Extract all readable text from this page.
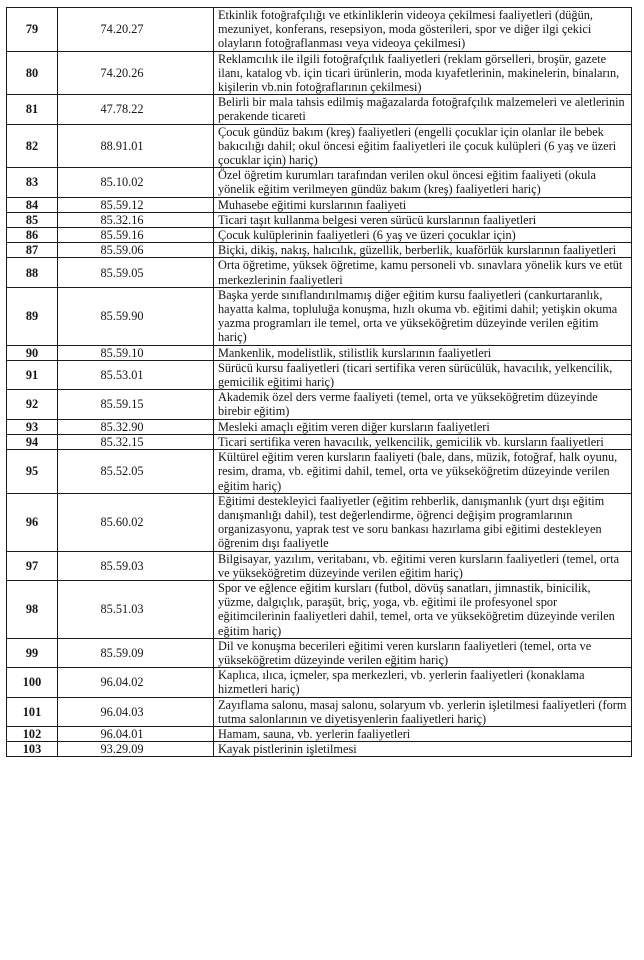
79	74.20.27	Etkinlik fotoğrafçılığı ve etkinliklerin videoya çekilmesi faaliyetleri (düğün, mezuniyet, konferans, resepsiyon, moda gösterileri, spor ve diğer ilgi çekici olayların fotoğraflanması veya videoya çekilmesi)
80	74.20.26	Reklamcılık ile ilgili fotoğrafçılık faaliyetleri (reklam görselleri, broşür, gazete ilanı, katalog vb. için ticari ürünlerin, moda kıyafetlerinin, makinelerin, binaların, kişilerin vb.nin fotoğraflarının çekilmesi)
81	47.78.22	Belirli bir mala tahsis edilmiş mağazalarda fotoğrafçılık malzemeleri ve aletlerinin perakende ticareti
82	88.91.01	Çocuk gündüz bakım (kreş) faaliyetleri (engelli çocuklar için olanlar ile bebek bakıcılığı dahil; okul öncesi eğitim faaliyetleri ile çocuk kulüpleri (6 yaş ve üzeri çocuklar için) hariç)
83	85.10.02	Özel öğretim kurumları tarafından verilen okul öncesi eğitim faaliyeti (okula yönelik eğitim verilmeyen gündüz bakım (kreş) faaliyetleri hariç)
84	85.59.12	Muhasebe eğitimi kurslarının faaliyeti
85	85.32.16	Ticari taşıt kullanma belgesi veren sürücü kurslarının faaliyetleri
86	85.59.16	Çocuk kulüplerinin faaliyetleri (6 yaş ve üzeri çocuklar için)
87	85.59.06	Biçki, dikiş, nakış, halıcılık, güzellik, berberlik, kuaförlük kurslarının faaliyetleri
88	85.59.05	Orta öğretime, yüksek öğretime, kamu personeli vb. sınavlara yönelik kurs ve etüt merkezlerinin faaliyetleri
89	85.59.90	Başka yerde sınıflandırılmamış diğer eğitim kursu faaliyetleri (cankurtaranlık, hayatta kalma, topluluğa konuşma, hızlı okuma vb. eğitimi dahil; yetişkin okuma yazma programları ile temel, orta ve yükseköğretim düzeyinde verilen eğitim hariç)
90	85.59.10	Mankenlik, modelistlik, stilistlik kurslarının faaliyetleri
91	85.53.01	Sürücü kursu faaliyetleri (ticari sertifika veren sürücülük, havacılık, yelkencilik, gemicilik eğitimi hariç)
92	85.59.15	Akademik özel ders verme faaliyeti (temel, orta ve yükseköğretim düzeyinde birebir eğitim)
93	85.32.90	Mesleki amaçlı eğitim veren diğer kursların faaliyetleri
94	85.32.15	Ticari sertifika veren havacılık, yelkencilik, gemicilik vb. kursların faaliyetleri
95	85.52.05	Kültürel eğitim veren kursların faaliyeti (bale, dans, müzik, fotoğraf, halk oyunu, resim, drama, vb. eğitimi dahil, temel, orta ve yükseköğretim düzeyinde verilen eğitim hariç)
96	85.60.02	Eğitimi destekleyici faaliyetler (eğitim rehberlik, danışmanlık (yurt dışı eğitim danışmanlığı dahil), test değerlendirme, öğrenci değişim programlarının organizasyonu, yaprak test ve soru bankası hazırlama gibi eğitimi destekleyen öğrenim dışı faaliyetle
97	85.59.03	Bilgisayar, yazılım, veritabanı, vb. eğitimi veren kursların faaliyetleri (temel, orta ve yükseköğretim düzeyinde verilen eğitim hariç)
98	85.51.03	Spor ve eğlence eğitim kursları (futbol, dövüş sanatları, jimnastik, binicilik, yüzme, dalgıçlık, paraşüt, briç, yoga, vb. eğitimi ile profesyonel spor eğitimcilerinin faaliyetleri dahil, temel, orta ve yükseköğretim düzeyinde verilen eğitim hariç)
99	85.59.09	Dil ve konuşma becerileri eğitimi veren kursların faaliyetleri (temel, orta ve yükseköğretim düzeyinde verilen eğitim hariç)
100	96.04.02	Kaplıca, ılıca, içmeler, spa merkezleri, vb. yerlerin faaliyetleri (konaklama hizmetleri hariç)
101	96.04.03	Zayıflama salonu, masaj salonu, solaryum vb. yerlerin işletilmesi faaliyetleri (form tutma salonlarının ve diyetisyenlerin faaliyetleri hariç)
102	96.04.01	Hamam, sauna, vb. yerlerin faaliyetleri
103	93.29.09	Kayak pistlerinin işletilmesi
